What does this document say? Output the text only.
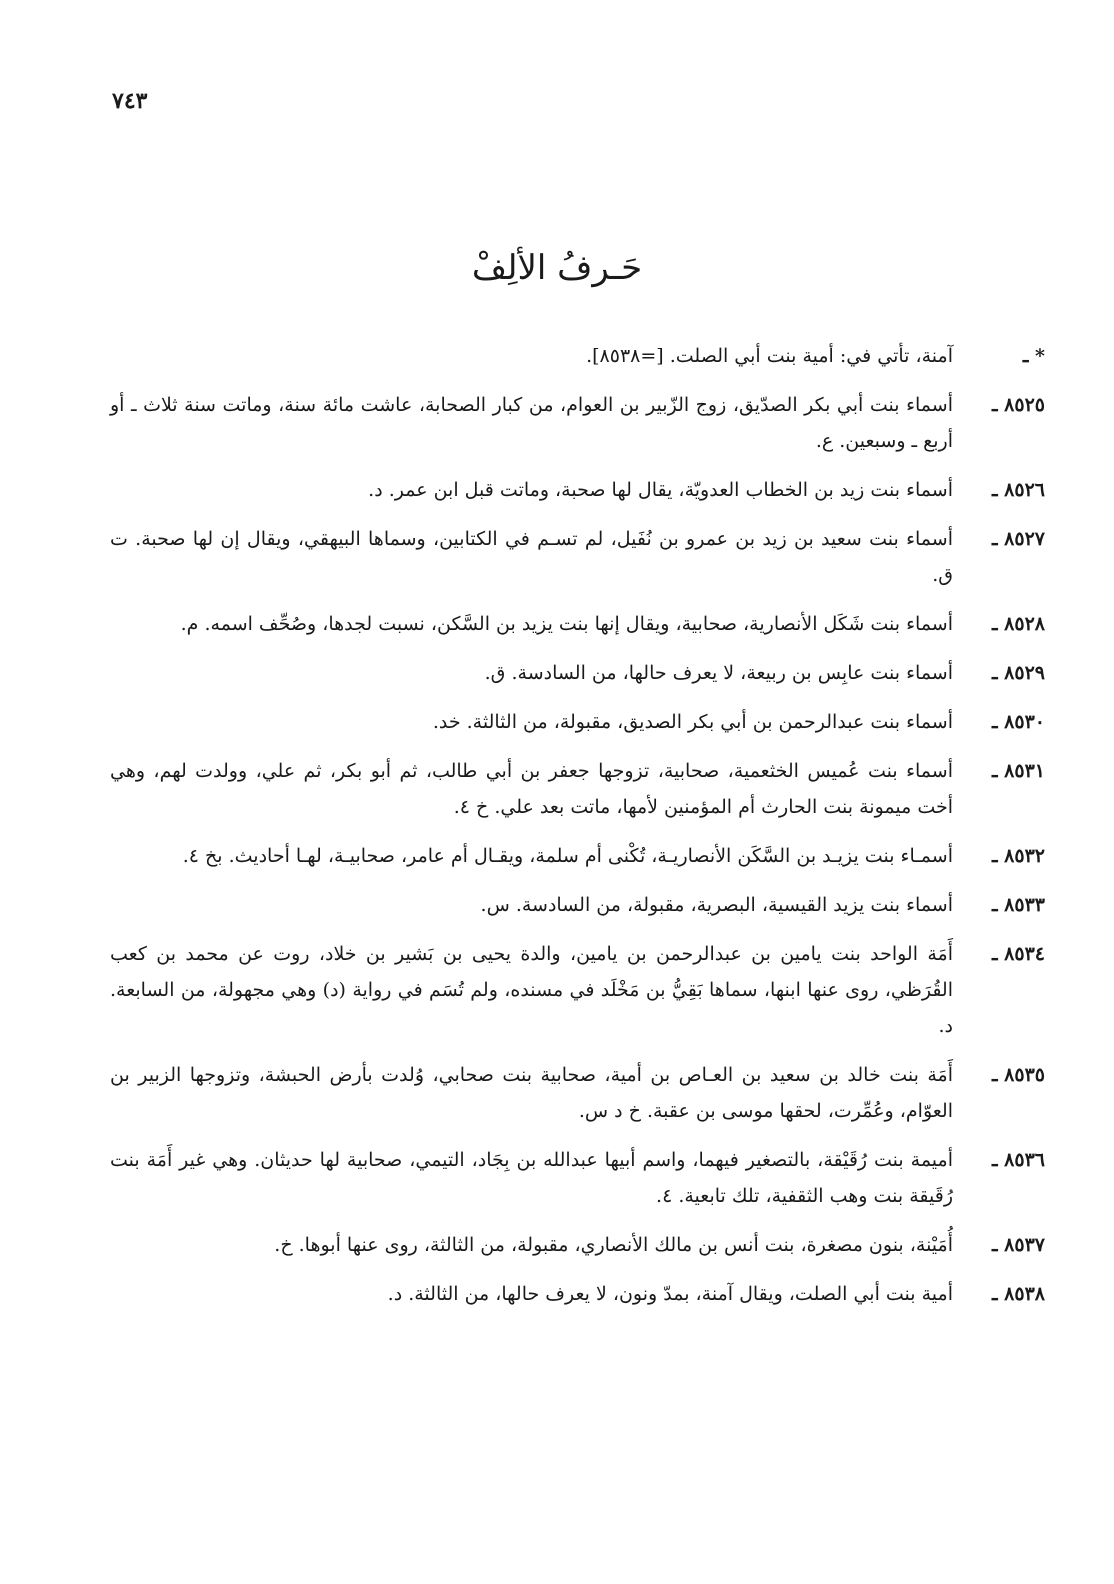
٧٤٣
حَـرفُ الألِفْ
* ـ
آمنة، تأتي في: أمية بنت أبي الصلت. [=٨٥٣٨].
٨٥٢٥ ـ
أسماء بنت أبي بكر الصدّيق، زوج الزّبير بن العوام، من كبار الصحابة، عاشت مائة سنة، وماتت سنة ثلاث ـ أو أربع ـ وسبعين. ع.
٨٥٢٦ ـ
أسماء بنت زيد بن الخطاب العدويّة، يقال لها صحبة، وماتت قبل ابن عمر. د.
٨٥٢٧ ـ
أسماء بنت سعيد بن زيد بن عمرو بن نُفَيل، لم تسـم في الكتابين، وسماها البيهقي، ويقال إن لها صحبة. ت ق.
٨٥٢٨ ـ
أسماء بنت شَكَل الأنصارية، صحابية، ويقال إنها بنت يزيد بن السَّكن، نسبت لجدها، وصُحِّف اسمه. م.
٨٥٢٩ ـ
أسماء بنت عابِس بن ربيعة، لا يعرف حالها، من السادسة. ق.
٨٥٣٠ ـ
أسماء بنت عبدالرحمن بن أبي بكر الصديق، مقبولة، من الثالثة. خد.
٨٥٣١ ـ
أسماء بنت عُميس الخثعمية، صحابية، تزوجها جعفر بن أبي طالب، ثم أبو بكر، ثم علي، وولدت لهم، وهي أخت ميمونة بنت الحارث أم المؤمنين لأمها، ماتت بعد علي. خ ٤.
٨٥٣٢ ـ
أسمـاء بنت يزيـد بن السَّكَن الأنصاريـة، تُكْنى أم سلمة، ويقـال أم عامر، صحابيـة، لهـا أحاديث. بخ ٤.
٨٥٣٣ ـ
أسماء بنت يزيد القيسية، البصرية، مقبولة، من السادسة. س.
٨٥٣٤ ـ
أَمَة الواحد بنت يامين بن عبدالرحمن بن يامين، والدة يحيى بن بَشير بن خلاد، روت عن محمد بن كعب القُرَظي، روى عنها ابنها، سماها بَقِيُّ بن مَخْلَد في مسنده، ولم تُسَم في رواية (د) وهي مجهولة، من السابعة. د.
٨٥٣٥ ـ
أَمَة بنت خالد بن سعيد بن العـاص بن أمية، صحابية بنت صحابي، وُلدت بأرض الحبشة، وتزوجها الزبير بن العوّام، وعُمِّرت، لحقها موسى بن عقبة. خ د س.
٨٥٣٦ ـ
أميمة بنت رُقَيْقة، بالتصغير فيهما، واسم أبيها عبدالله بن بِجَاد، التيمي، صحابية لها حديثان. وهي غير أَمَة بنت رُقَيقة بنت وهب الثقفية، تلك تابعية. ٤.
٨٥٣٧ ـ
أُمَيْنة، بنون مصغرة، بنت أنس بن مالك الأنصاري، مقبولة، من الثالثة، روى عنها أبوها. خ.
٨٥٣٨ ـ
أمية بنت أبي الصلت، ويقال آمنة، بمدّ ونون، لا يعرف حالها، من الثالثة. د.
